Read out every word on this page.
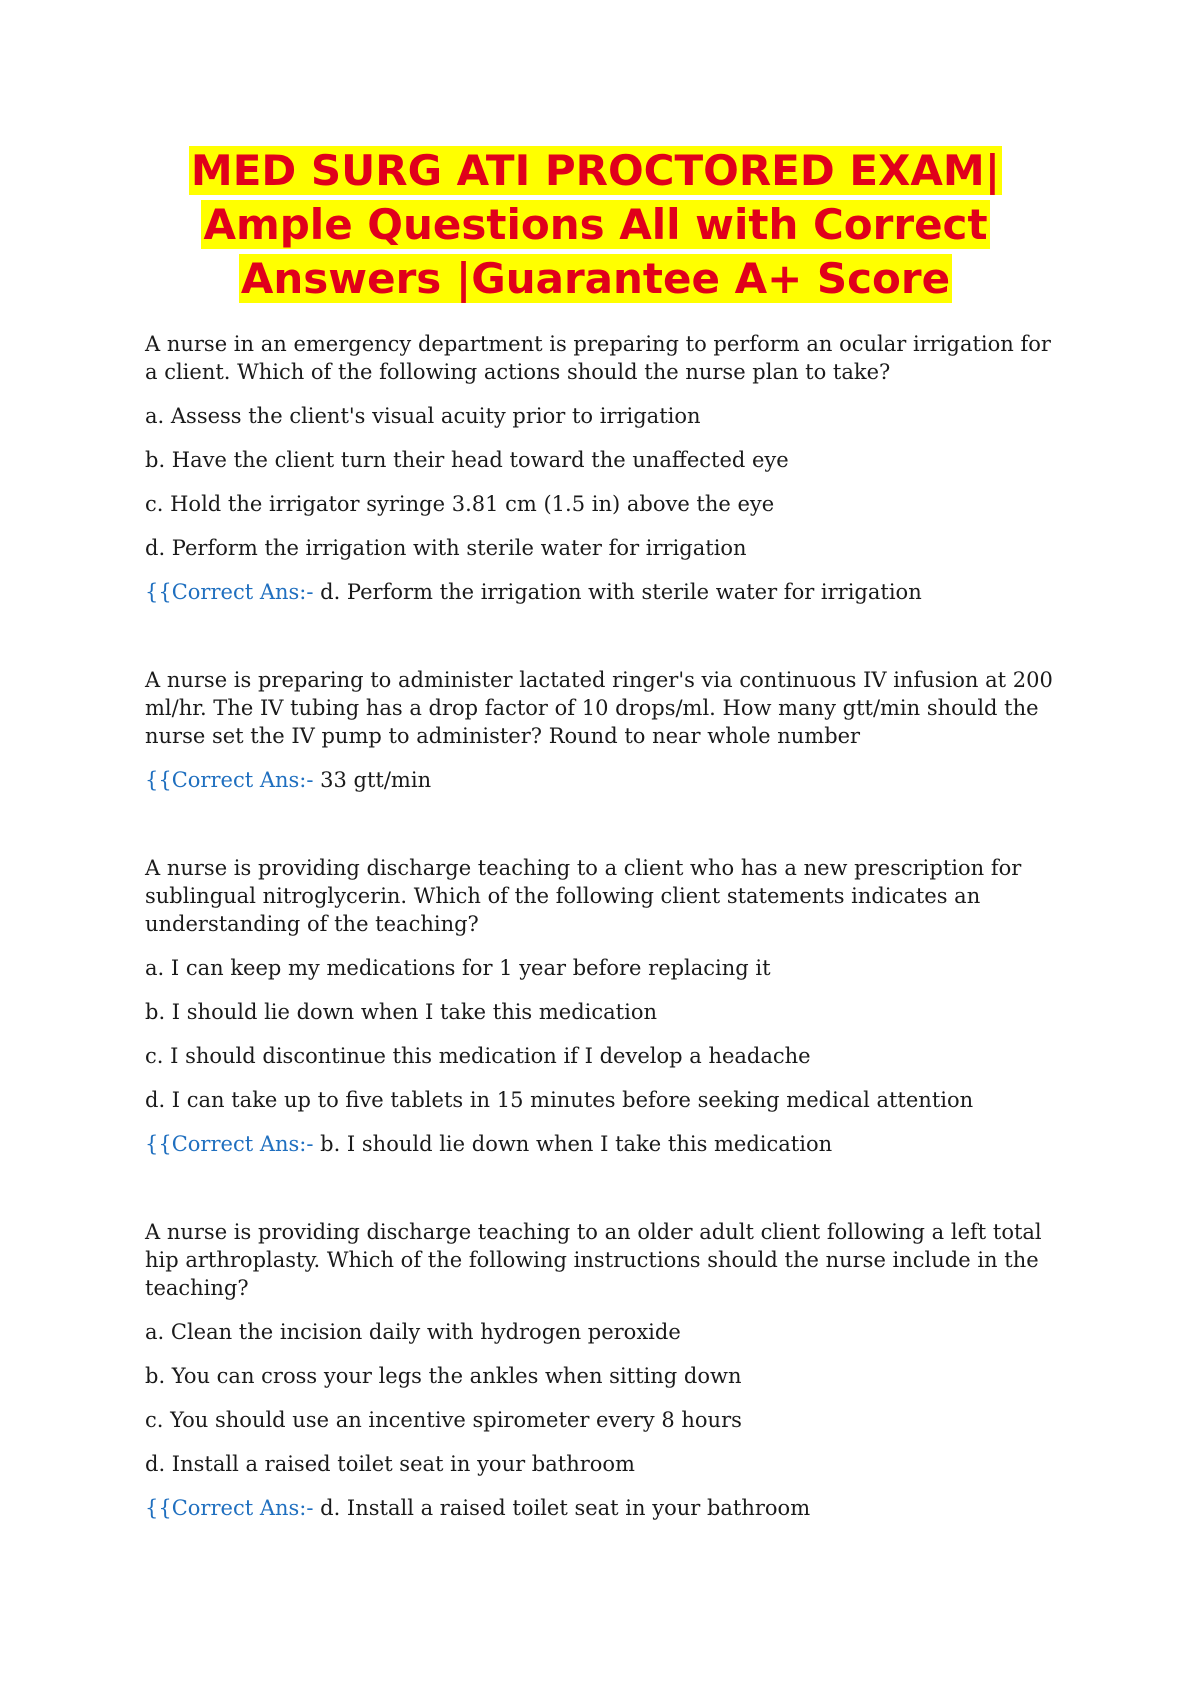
MED SURG ATI PROCTORED EXAM|
Ample Questions All with Correct
Answers |Guarantee A+ Score

A nurse in an emergency department is preparing to perform an ocular irrigation for a client. Which of the following actions should the nurse plan to take?

a. Assess the client's visual acuity prior to irrigation

b. Have the client turn their head toward the unaffected eye

c. Hold the irrigator syringe 3.81 cm (1.5 in) above the eye

d. Perform the irrigation with sterile water for irrigation

{{Correct Ans:- d. Perform the irrigation with sterile water for irrigation

A nurse is preparing to administer lactated ringer's via continuous IV infusion at 200 ml/hr. The IV tubing has a drop factor of 10 drops/ml. How many gtt/min should the nurse set the IV pump to administer? Round to near whole number

{{Correct Ans:- 33 gtt/min

A nurse is providing discharge teaching to a client who has a new prescription for sublingual nitroglycerin. Which of the following client statements indicates an understanding of the teaching?

a. I can keep my medications for 1 year before replacing it

b. I should lie down when I take this medication

c. I should discontinue this medication if I develop a headache

d. I can take up to five tablets in 15 minutes before seeking medical attention

{{Correct Ans:- b. I should lie down when I take this medication

A nurse is providing discharge teaching to an older adult client following a left total hip arthroplasty. Which of the following instructions should the nurse include in the teaching?

a. Clean the incision daily with hydrogen peroxide

b. You can cross your legs the ankles when sitting down

c. You should use an incentive spirometer every 8 hours

d. Install a raised toilet seat in your bathroom

{{Correct Ans:- d. Install a raised toilet seat in your bathroom
